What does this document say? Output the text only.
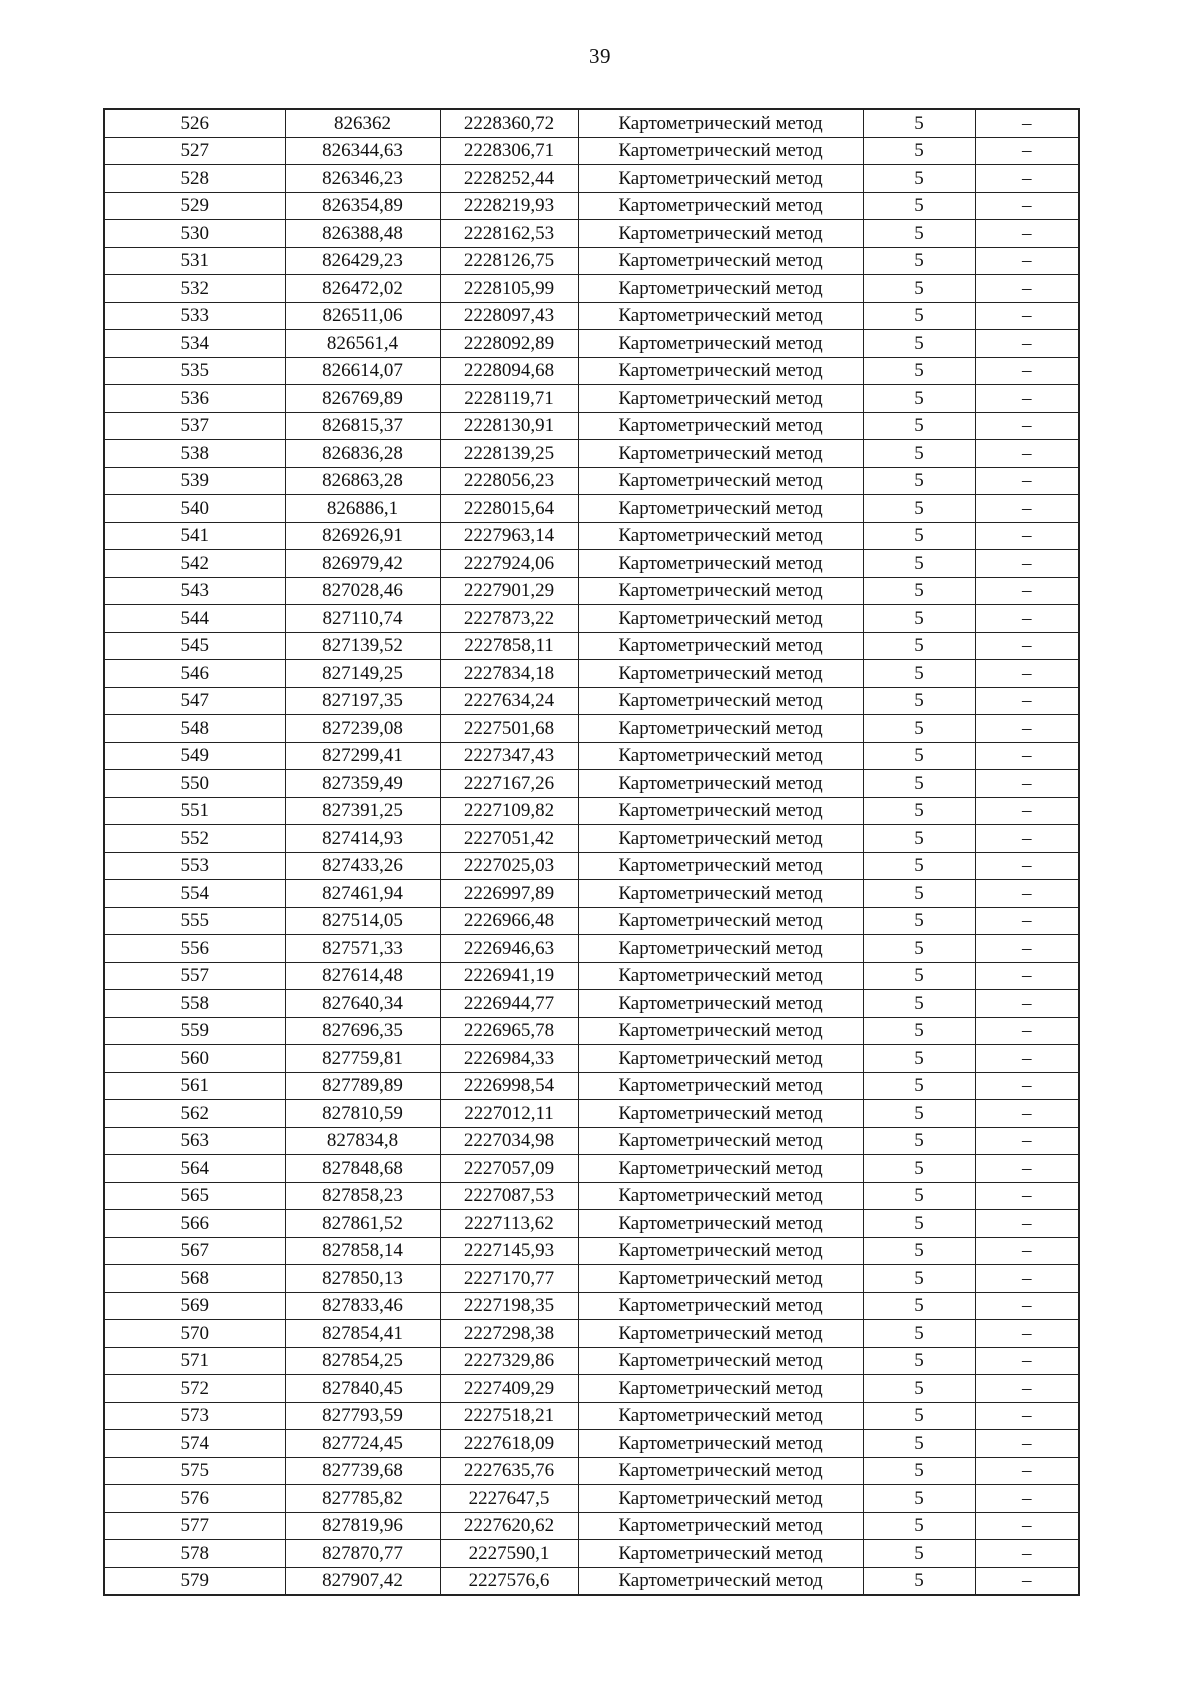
39
526	826362	2228360,72	Картометрический метод	5	–
527	826344,63	2228306,71	Картометрический метод	5	–
528	826346,23	2228252,44	Картометрический метод	5	–
529	826354,89	2228219,93	Картометрический метод	5	–
530	826388,48	2228162,53	Картометрический метод	5	–
531	826429,23	2228126,75	Картометрический метод	5	–
532	826472,02	2228105,99	Картометрический метод	5	–
533	826511,06	2228097,43	Картометрический метод	5	–
534	826561,4	2228092,89	Картометрический метод	5	–
535	826614,07	2228094,68	Картометрический метод	5	–
536	826769,89	2228119,71	Картометрический метод	5	–
537	826815,37	2228130,91	Картометрический метод	5	–
538	826836,28	2228139,25	Картометрический метод	5	–
539	826863,28	2228056,23	Картометрический метод	5	–
540	826886,1	2228015,64	Картометрический метод	5	–
541	826926,91	2227963,14	Картометрический метод	5	–
542	826979,42	2227924,06	Картометрический метод	5	–
543	827028,46	2227901,29	Картометрический метод	5	–
544	827110,74	2227873,22	Картометрический метод	5	–
545	827139,52	2227858,11	Картометрический метод	5	–
546	827149,25	2227834,18	Картометрический метод	5	–
547	827197,35	2227634,24	Картометрический метод	5	–
548	827239,08	2227501,68	Картометрический метод	5	–
549	827299,41	2227347,43	Картометрический метод	5	–
550	827359,49	2227167,26	Картометрический метод	5	–
551	827391,25	2227109,82	Картометрический метод	5	–
552	827414,93	2227051,42	Картометрический метод	5	–
553	827433,26	2227025,03	Картометрический метод	5	–
554	827461,94	2226997,89	Картометрический метод	5	–
555	827514,05	2226966,48	Картометрический метод	5	–
556	827571,33	2226946,63	Картометрический метод	5	–
557	827614,48	2226941,19	Картометрический метод	5	–
558	827640,34	2226944,77	Картометрический метод	5	–
559	827696,35	2226965,78	Картометрический метод	5	–
560	827759,81	2226984,33	Картометрический метод	5	–
561	827789,89	2226998,54	Картометрический метод	5	–
562	827810,59	2227012,11	Картометрический метод	5	–
563	827834,8	2227034,98	Картометрический метод	5	–
564	827848,68	2227057,09	Картометрический метод	5	–
565	827858,23	2227087,53	Картометрический метод	5	–
566	827861,52	2227113,62	Картометрический метод	5	–
567	827858,14	2227145,93	Картометрический метод	5	–
568	827850,13	2227170,77	Картометрический метод	5	–
569	827833,46	2227198,35	Картометрический метод	5	–
570	827854,41	2227298,38	Картометрический метод	5	–
571	827854,25	2227329,86	Картометрический метод	5	–
572	827840,45	2227409,29	Картометрический метод	5	–
573	827793,59	2227518,21	Картометрический метод	5	–
574	827724,45	2227618,09	Картометрический метод	5	–
575	827739,68	2227635,76	Картометрический метод	5	–
576	827785,82	2227647,5	Картометрический метод	5	–
577	827819,96	2227620,62	Картометрический метод	5	–
578	827870,77	2227590,1	Картометрический метод	5	–
579	827907,42	2227576,6	Картометрический метод	5	–
